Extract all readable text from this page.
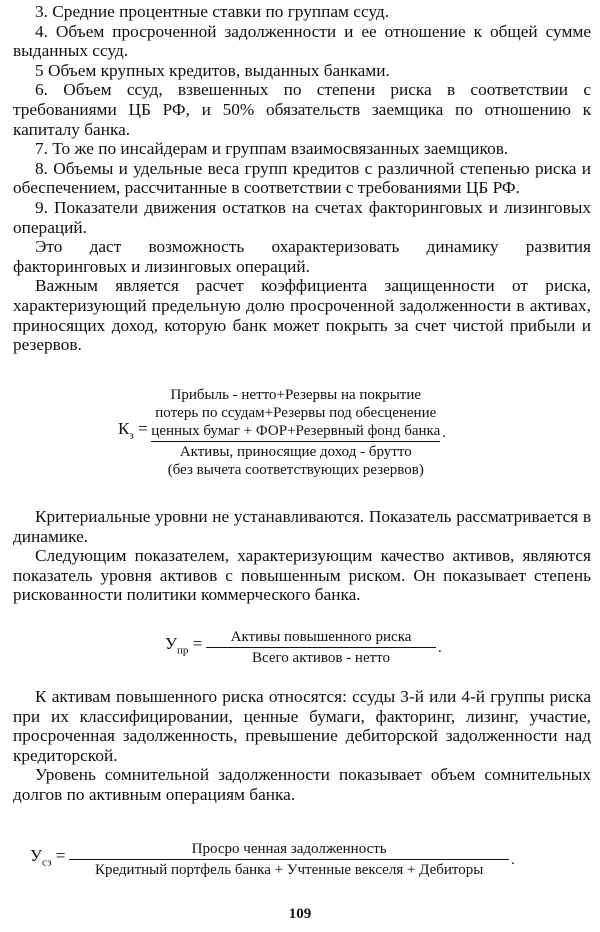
3. Средние процентные ставки по группам ссуд.

4. Объем просроченной задолженности и ее отношение к общей сумме выданных ссуд.

5 Объем крупных кредитов, выданных банками.

6. Объем ссуд, взвешенных по степени риска в соответствии с требованиями ЦБ РФ, и 50% обязательств заемщика по отношению к капиталу банка.

7. То же по инсайдерам и группам взаимосвязанных заемщиков.

8. Объемы и удельные веса групп кредитов с различной степенью риска и обеспечением, рассчитанные в соответствии с требованиями ЦБ РФ.

9. Показатели движения остатков на счетах факторинговых и лизинговых операций.

Это даст возможность охарактеризовать динамику развития факторинговых и лизинговых операций.

Важным является расчет коэффициента защищенности от риска, характеризующий предельную долю просроченной задолженности в активах, приносящих доход, которую банк может покрыть за счет чистой прибыли и резервов.

$К_з$ =
Прибыль - нетто+Резервы на покрытие
потерь по ссудам+Резервы под обесценение
ценных бумаг + ФОР+Резервный фонд банка
Активы, приносящие доход - брутто
(без вычета соответствующих резервов)
.

Критериальные уровни не устанавливаются. Показатель рассматривается в динамике.

Следующим показателем, характеризующим качество активов, являются показатель уровня активов с повышенным риском. Он показывает степень рискованности политики коммерческого банка.

$У_{пр} = \frac{\text{Активы повышенного риска}}{\text{Всего активов - нетто}}$ .

К активам повышенного риска относятся: ссуды 3-й или 4-й группы риска при их классифицировании, ценные бумаги, факторинг, лизинг, участие, просроченная задолженность, превышение дебиторской задолженности над кредиторской.

Уровень сомнительной задолженности показывает объем сомнительных долгов по активным операциям банка.

$У_{сз} = \frac{\text{Просро ченная задолженность}}{\text{Кредитный портфель банка + Учтенные векселя + Дебиторы}}$ .
109
